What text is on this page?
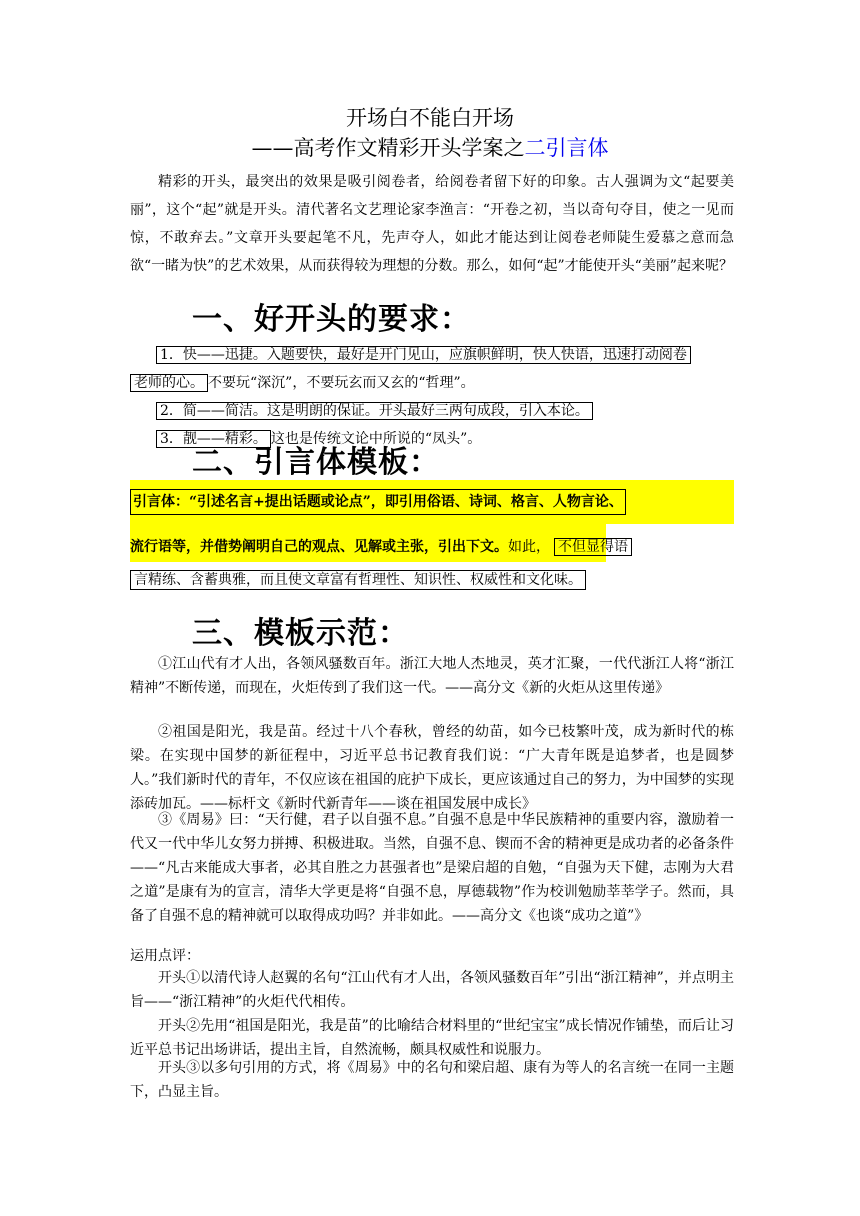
开场白不能白开场
——高考作文精彩开头学案之二引言体
精彩的开头，最突出的效果是吸引阅卷者，给阅卷者留下好的印象。古人强调为文“起要美丽”，这个“起”就是开头。清代著名文艺理论家李渔言：“开卷之初，当以奇句夺目，使之一见而惊，不敢弃去。”文章开头要起笔不凡，先声夺人，如此才能达到让阅卷老师陡生爱慕之意而急欲“一睹为快”的艺术效果，从而获得较为理想的分数。那么，如何“起”才能使开头“美丽”起来呢？
一、好开头的要求：
1．快——迅捷。入题要快，最好是开门见山，应旗帜鲜明，快人快语，迅速打动阅卷
老师的心。 不要玩“深沉”，不要玩玄而又玄的“哲理”。
2．简——简洁。这是明朗的保证。开头最好三两句成段，引入本论。
3．靓——精彩。 这也是传统文论中所说的“凤头”。
二、引言体模板：
引言体：“引述名言+提出话题或论点”，即引用俗语、诗词、格言、人物言论、
流行语等，并借势阐明自己的观点、见解或主张，引出下文。如此， 不但显得语
言精练、含蓄典雅，而且使文章富有哲理性、知识性、权威性和文化味。
三、模板示范：
①江山代有才人出，各领风骚数百年。浙江大地人杰地灵，英才汇聚，一代代浙江人将“浙江精神”不断传递，而现在，火炬传到了我们这一代。——高分文《新的火炬从这里传递》
②祖国是阳光，我是苗。经过十八个春秋，曾经的幼苗，如今已枝繁叶茂，成为新时代的栋梁。在实现中国梦的新征程中，习近平总书记教育我们说：“广大青年既是追梦者，也是圆梦人。”我们新时代的青年，不仅应该在祖国的庇护下成长，更应该通过自己的努力，为中国梦的实现添砖加瓦。——标杆文《新时代新青年——谈在祖国发展中成长》
③《周易》曰：“天行健，君子以自强不息。”自强不息是中华民族精神的重要内容，激励着一代又一代中华儿女努力拼搏、积极进取。当然，自强不息、锲而不舍的精神更是成功者的必备条件——“凡古来能成大事者，必其自胜之力甚强者也”是梁启超的自勉，“自强为天下健，志刚为大君之道”是康有为的宣言，清华大学更是将“自强不息，厚德载物”作为校训勉励莘莘学子。然而，具备了自强不息的精神就可以取得成功吗？并非如此。——高分文《也谈“成功之道”》
运用点评：
开头①以清代诗人赵翼的名句“江山代有才人出，各领风骚数百年”引出“浙江精神”，并点明主旨——“浙江精神”的火炬代代相传。
开头②先用“祖国是阳光，我是苗”的比喻结合材料里的“世纪宝宝”成长情况作铺垫，而后让习近平总书记出场讲话，提出主旨，自然流畅，颇具权威性和说服力。
开头③以多句引用的方式，将《周易》中的名句和梁启超、康有为等人的名言统一在同一主题下，凸显主旨。
